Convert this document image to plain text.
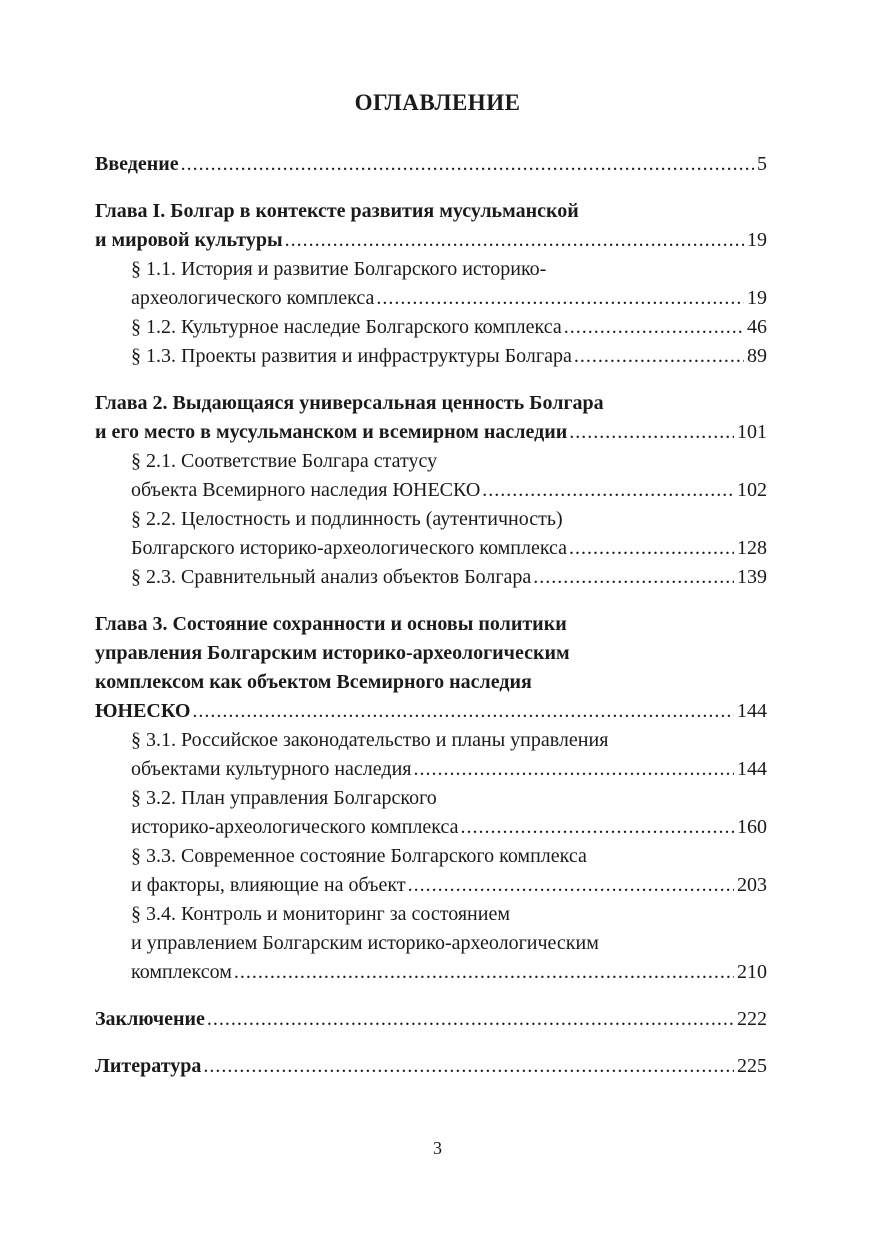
ОГЛАВЛЕНИЕ
Введение .....	5
Глава I. Болгар в контексте развития мусульманской
и мировой культуры .....	19
§ 1.1. История и развитие Болгарского историко-
археологического комплекса .....	19
§ 1.2. Культурное наследие Болгарского комплекса .....	46
§ 1.3. Проекты развития и инфраструктуры Болгара .....	89
Глава 2. Выдающаяся универсальная ценность Болгара
и его место в мусульманском и всемирном наследии .....	101
§ 2.1. Соответствие Болгара статусу
объекта Всемирного наследия ЮНЕСКО .....	102
§ 2.2. Целостность и подлинность (аутентичность)
Болгарского историко-археологического комплекса .....	128
§ 2.3. Сравнительный анализ объектов Болгара .....	139
Глава 3. Состояние сохранности и основы политики
управления Болгарским историко-археологическим
комплексом как объектом Всемирного наследия
ЮНЕСКО .....	144
§ 3.1. Российское законодательство и планы управления
объектами культурного наследия .....	144
§ 3.2. План управления Болгарского
историко-археологического комплекса .....	160
§ 3.3. Современное состояние Болгарского комплекса
и факторы, влияющие на объект .....	203
§ 3.4. Контроль и мониторинг за состоянием
и управлением Болгарским историко-археологическим
комплексом .....	210
Заключение .....	222
Литература .....	225
3
